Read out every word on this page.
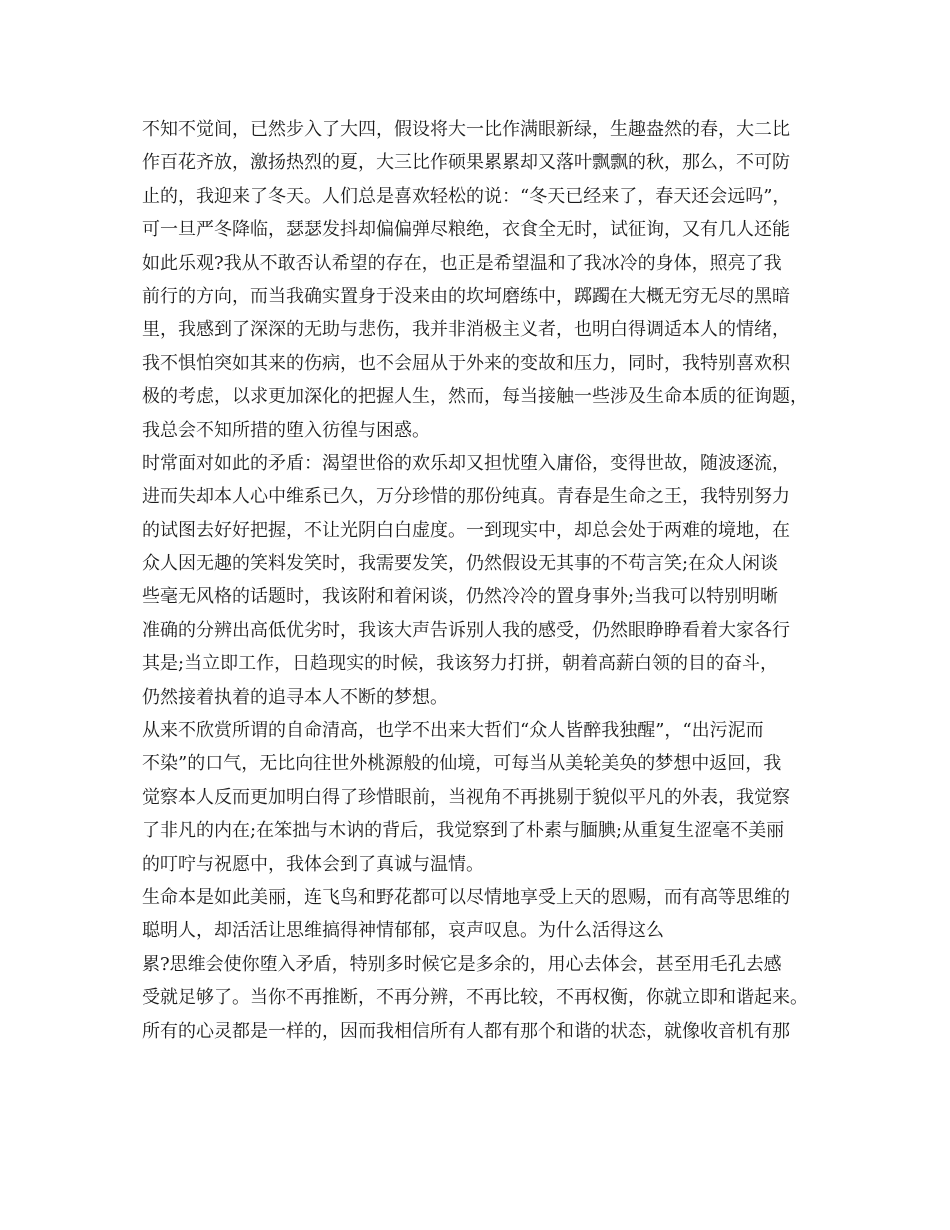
不知不觉间，已然步入了大四，假设将大一比作满眼新绿，生趣盎然的春，大二比
作百花齐放，激扬热烈的夏，大三比作硕果累累却又落叶飘飘的秋，那么，不可防
止的，我迎来了冬天。人们总是喜欢轻松的说：“冬天已经来了，春天还会远吗”，
可一旦严冬降临，瑟瑟发抖却偏偏弹尽粮绝，衣食全无时，试征询，又有几人还能
如此乐观?我从不敢否认希望的存在，也正是希望温和了我冰冷的身体，照亮了我
前行的方向，而当我确实置身于没来由的坎坷磨练中，踯躅在大概无穷无尽的黑暗
里，我感到了深深的无助与悲伤，我并非消极主义者，也明白得调适本人的情绪，
我不惧怕突如其来的伤病，也不会屈从于外来的变故和压力，同时，我特别喜欢积
极的考虑，以求更加深化的把握人生，然而，每当接触一些涉及生命本质的征询题，
我总会不知所措的堕入彷徨与困惑。
时常面对如此的矛盾：渴望世俗的欢乐却又担忧堕入庸俗，变得世故，随波逐流，
进而失却本人心中维系已久，万分珍惜的那份纯真。青春是生命之王，我特别努力
的试图去好好把握，不让光阴白白虚度。一到现实中，却总会处于两难的境地，在
众人因无趣的笑料发笑时，我需要发笑，仍然假设无其事的不苟言笑;在众人闲谈
些毫无风格的话题时，我该附和着闲谈，仍然冷冷的置身事外;当我可以特别明晰
准确的分辨出高低优劣时，我该大声告诉别人我的感受，仍然眼睁睁看着大家各行
其是;当立即工作，日趋现实的时候，我该努力打拼，朝着高薪白领的目的奋斗，
仍然接着执着的追寻本人不断的梦想。
从来不欣赏所谓的自命清高，也学不出来大哲们“众人皆醉我独醒”，“出污泥而
不染”的口气，无比向往世外桃源般的仙境，可每当从美轮美奂的梦想中返回，我
觉察本人反而更加明白得了珍惜眼前，当视角不再挑剔于貌似平凡的外表，我觉察
了非凡的内在;在笨拙与木讷的背后，我觉察到了朴素与腼腆;从重复生涩毫不美丽
的叮咛与祝愿中，我体会到了真诚与温情。
生命本是如此美丽，连飞鸟和野花都可以尽情地享受上天的恩赐，而有高等思维的
聪明人，却活活让思维搞得神情郁郁，哀声叹息。为什么活得这么
累?思维会使你堕入矛盾，特别多时候它是多余的，用心去体会，甚至用毛孔去感
受就足够了。当你不再推断，不再分辨，不再比较，不再权衡，你就立即和谐起来。
所有的心灵都是一样的，因而我相信所有人都有那个和谐的状态，就像收音机有那
